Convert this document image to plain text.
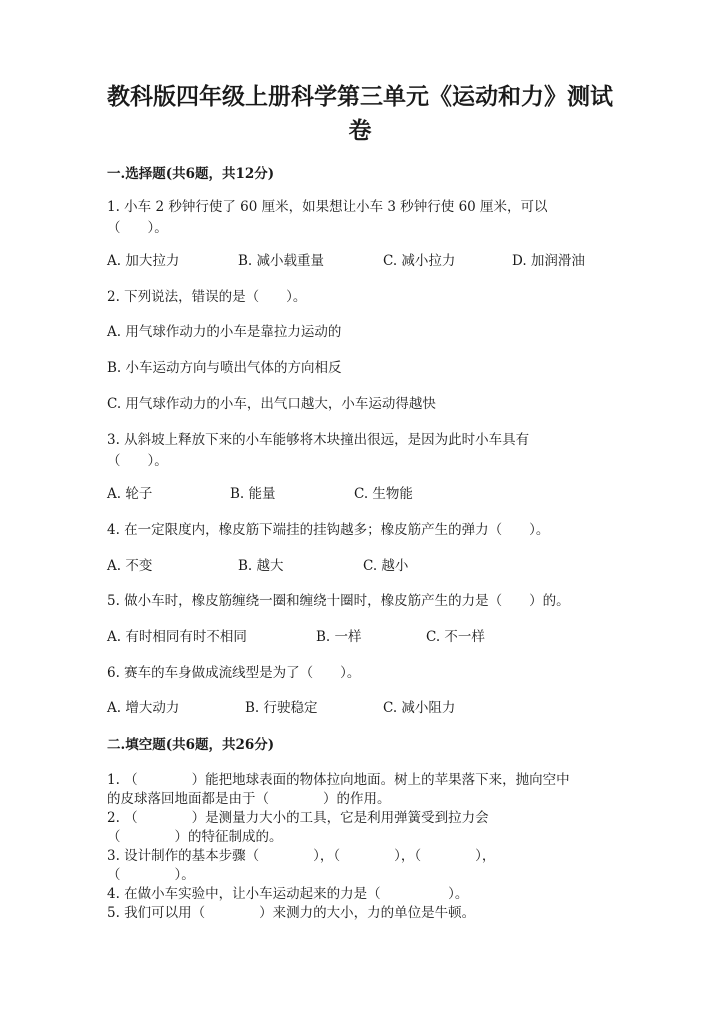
教科版四年级上册科学第三单元《运动和力》测试
卷
一.选择题(共6题，共12分)
1. 小车 2 秒钟行使了 60 厘米，如果想让小车 3 秒钟行使 60 厘米，可以
（　　）。
A. 加大拉力	B. 减小载重量	C. 减小拉力	D. 加润滑油
2. 下列说法，错误的是（　　）。
A. 用气球作动力的小车是靠拉力运动的
B. 小车运动方向与喷出气体的方向相反
C. 用气球作动力的小车，出气口越大，小车运动得越快
3. 从斜坡上释放下来的小车能够将木块撞出很远，是因为此时小车具有
（　　）。
A. 轮子	B. 能量	C. 生物能
4. 在一定限度内，橡皮筋下端挂的挂钩越多；橡皮筋产生的弹力（　　）。
A. 不变	B. 越大	C. 越小
5. 做小车时，橡皮筋缠绕一圈和缠绕十圈时，橡皮筋产生的力是（　　）的。
A. 有时相同有时不相同	B. 一样	C. 不一样
6. 赛车的车身做成流线型是为了（　　）。
A. 增大动力	B. 行驶稳定	C. 减小阻力
二.填空题(共6题，共26分)
1. （　　　　）能把地球表面的物体拉向地面。树上的苹果落下来，抛向空中
的皮球落回地面都是由于（　　　　）的作用。
2. （　　　　）是测量力大小的工具，它是利用弹簧受到拉力会
（　　　　）的特征制成的。
3. 设计制作的基本步骤（　　　　），（　　　　），（　　　　），
（　　　　）。
4. 在做小车实验中，让小车运动起来的力是（　　　　　）。
5. 我们可以用（　　　　）来测力的大小，力的单位是牛顿。
